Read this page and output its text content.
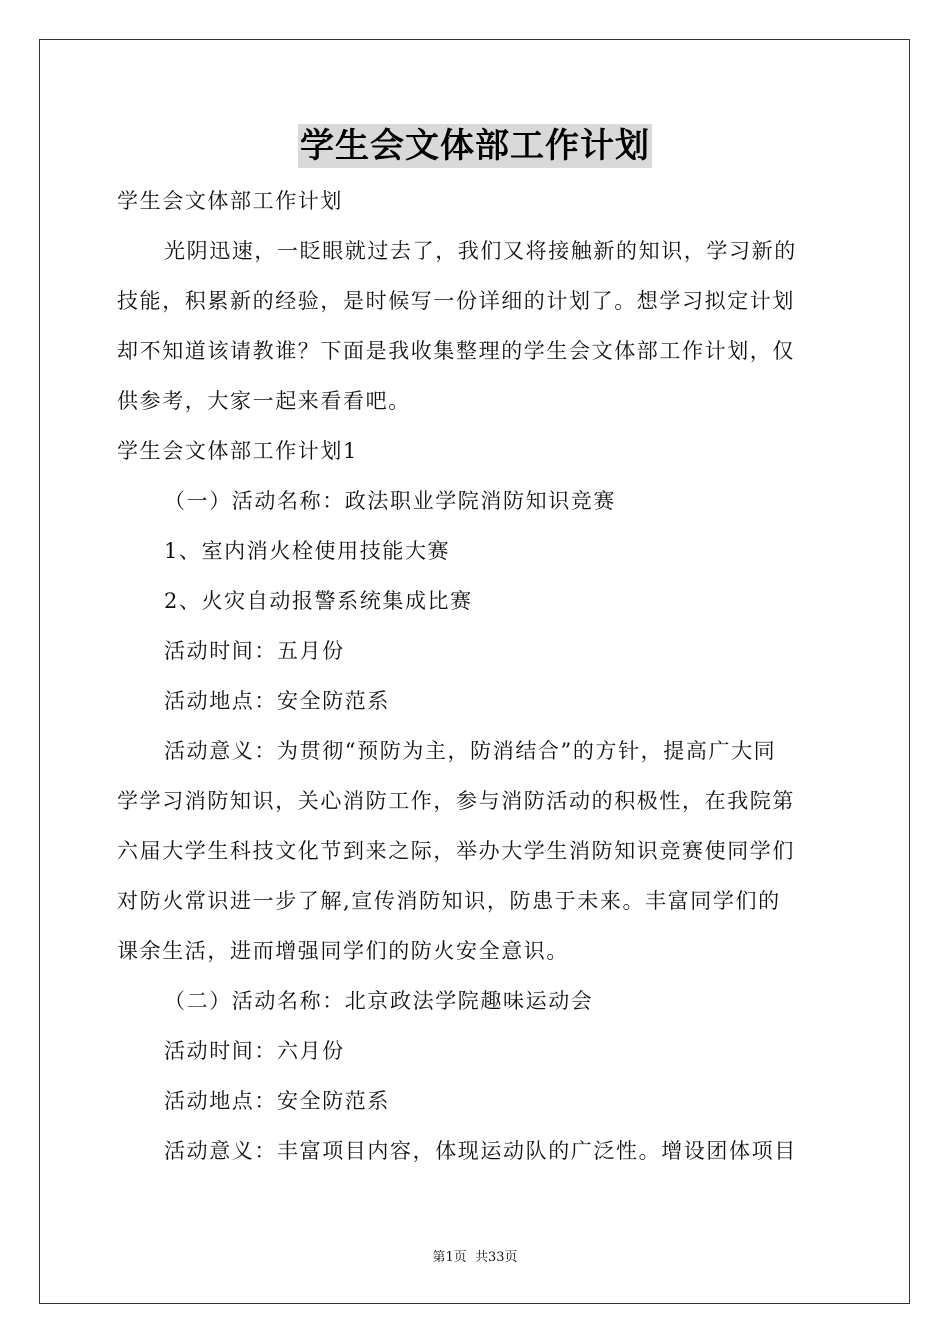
学生会文体部工作计划

学生会文体部工作计划

光阴迅速，一眨眼就过去了，我们又将接触新的知识，学习新的

技能，积累新的经验，是时候写一份详细的计划了。想学习拟定计划

却不知道该请教谁？下面是我收集整理的学生会文体部工作计划，仅

供参考，大家一起来看看吧。

学生会文体部工作计划1

（一）活动名称：政法职业学院消防知识竞赛

1、室内消火栓使用技能大赛

2、火灾自动报警系统集成比赛

活动时间：五月份

活动地点：安全防范系

活动意义：为贯彻“预防为主，防消结合”的方针，提高广大同

学学习消防知识，关心消防工作，参与消防活动的积极性，在我院第

六届大学生科技文化节到来之际，举办大学生消防知识竞赛使同学们

对防火常识进一步了解,宣传消防知识，防患于未来。丰富同学们的

课余生活，进而增强同学们的防火安全意识。

（二）活动名称：北京政法学院趣味运动会

活动时间：六月份

活动地点：安全防范系

活动意义：丰富项目内容，体现运动队的广泛性。增设团体项目

第1页 共33页
